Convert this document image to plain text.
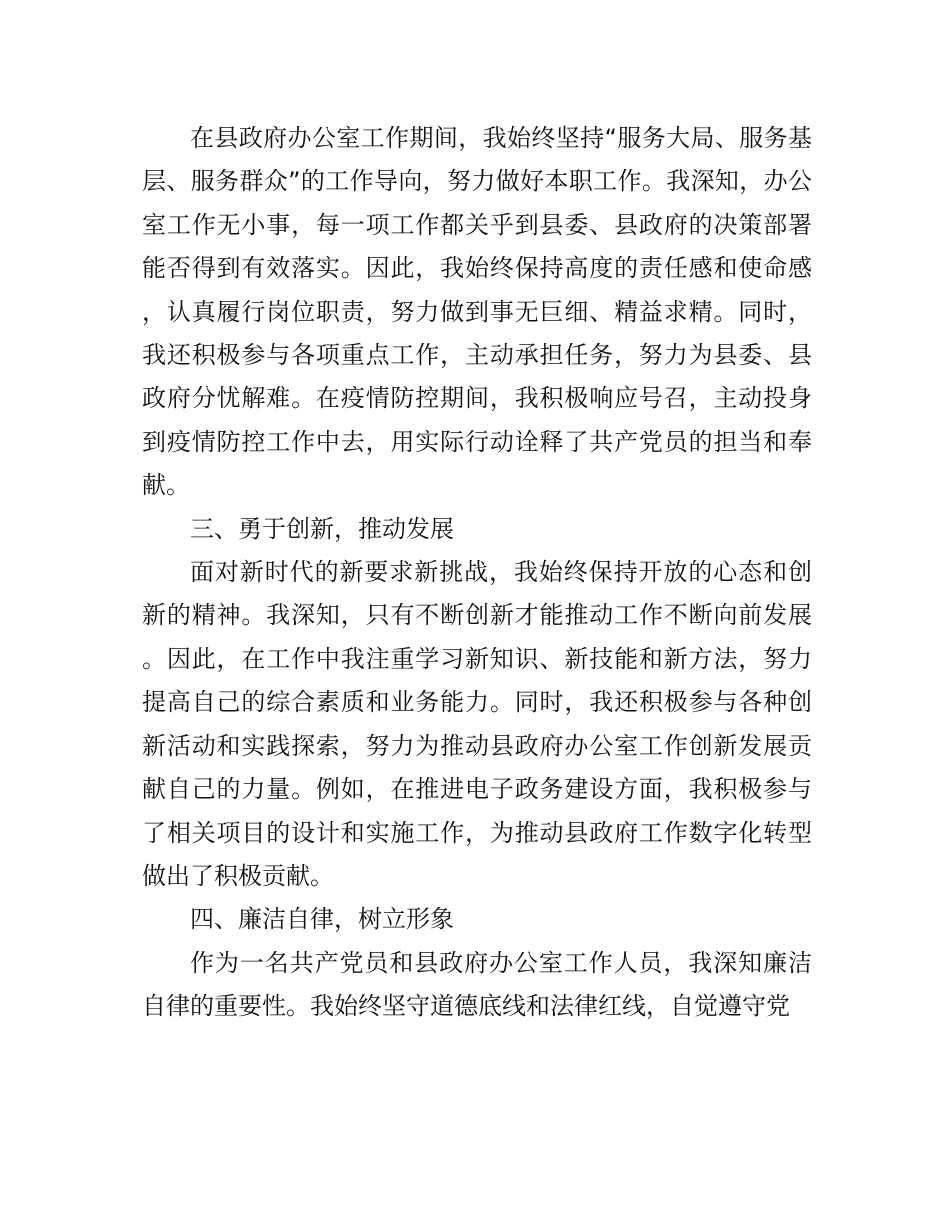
在县政府办公室工作期间，我始终坚持“服务大局、服务基层、服务群众”的工作导向，努力做好本职工作。我深知，办公室工作无小事，每一项工作都关乎到县委、县政府的决策部署能否得到有效落实。因此，我始终保持高度的责任感和使命感，认真履行岗位职责，努力做到事无巨细、精益求精。同时，我还积极参与各项重点工作，主动承担任务，努力为县委、县政府分忧解难。在疫情防控期间，我积极响应号召，主动投身到疫情防控工作中去，用实际行动诠释了共产党员的担当和奉献。

三、勇于创新，推动发展

面对新时代的新要求新挑战，我始终保持开放的心态和创新的精神。我深知，只有不断创新才能推动工作不断向前发展。因此，在工作中我注重学习新知识、新技能和新方法，努力提高自己的综合素质和业务能力。同时，我还积极参与各种创新活动和实践探索，努力为推动县政府办公室工作创新发展贡献自己的力量。例如，在推进电子政务建设方面，我积极参与了相关项目的设计和实施工作，为推动县政府工作数字化转型做出了积极贡献。

四、廉洁自律，树立形象

作为一名共产党员和县政府办公室工作人员，我深知廉洁自律的重要性。我始终坚守道德底线和法律红线，自觉遵守党
